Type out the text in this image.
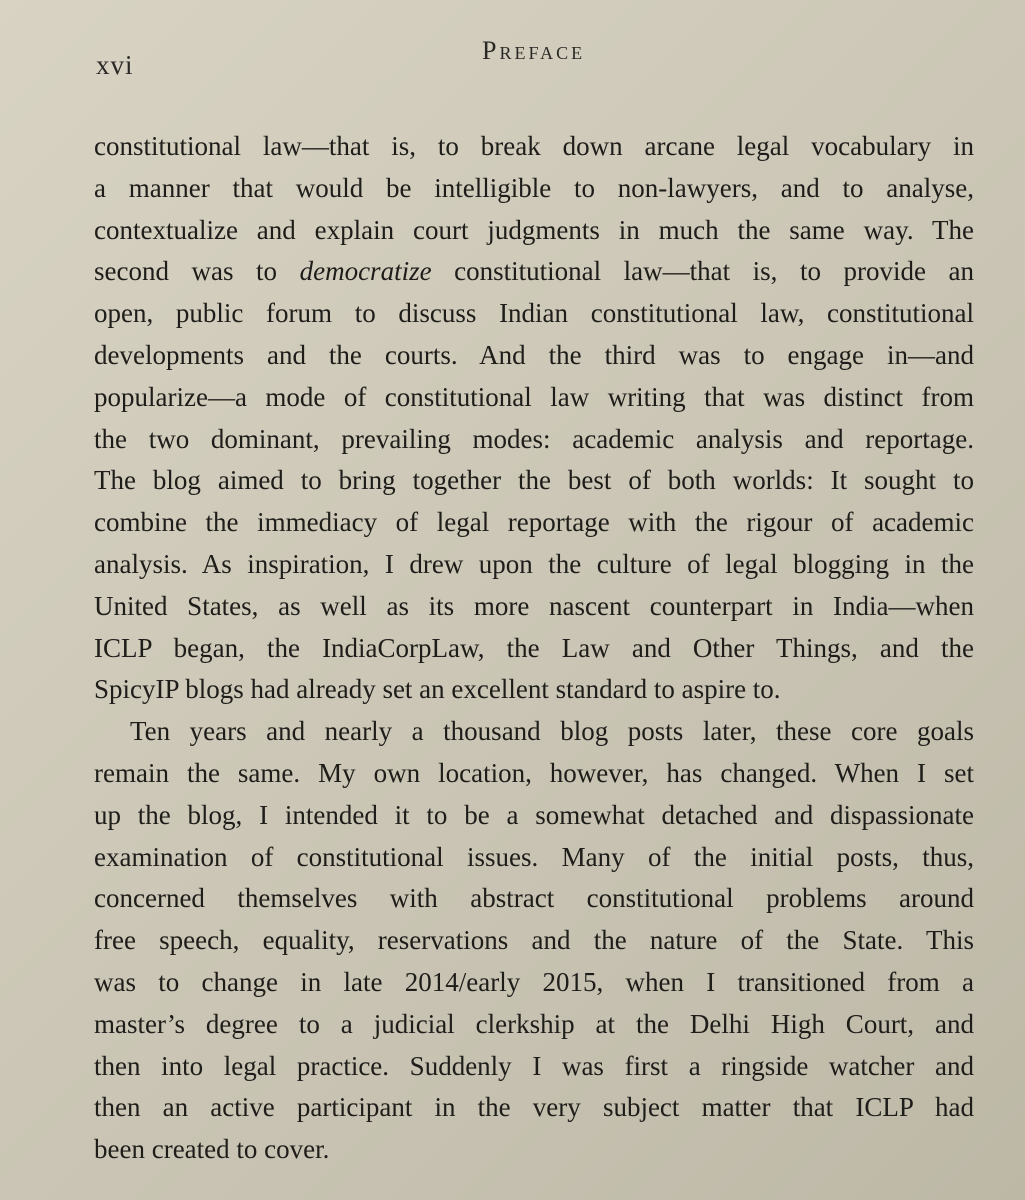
xvi	Preface
constitutional law—that is, to break down arcane legal vocabulary in
a manner that would be intelligible to non-lawyers, and to analyse,
contextualize and explain court judgments in much the same way. The
second was to democratize constitutional law—that is, to provide an
open, public forum to discuss Indian constitutional law, constitutional
developments and the courts. And the third was to engage in—and
popularize—a mode of constitutional law writing that was distinct from
the two dominant, prevailing modes: academic analysis and reportage.
The blog aimed to bring together the best of both worlds: It sought to
combine the immediacy of legal reportage with the rigour of academic
analysis. As inspiration, I drew upon the culture of legal blogging in the
United States, as well as its more nascent counterpart in India—when
ICLP began, the IndiaCorpLaw, the Law and Other Things, and the
SpicyIP blogs had already set an excellent standard to aspire to.
Ten years and nearly a thousand blog posts later, these core goals
remain the same. My own location, however, has changed. When I set
up the blog, I intended it to be a somewhat detached and dispassionate
examination of constitutional issues. Many of the initial posts, thus,
concerned themselves with abstract constitutional problems around
free speech, equality, reservations and the nature of the State. This
was to change in late 2014/early 2015, when I transitioned from a
master’s degree to a judicial clerkship at the Delhi High Court, and
then into legal practice. Suddenly I was first a ringside watcher and
then an active participant in the very subject matter that ICLP had
been created to cover.
